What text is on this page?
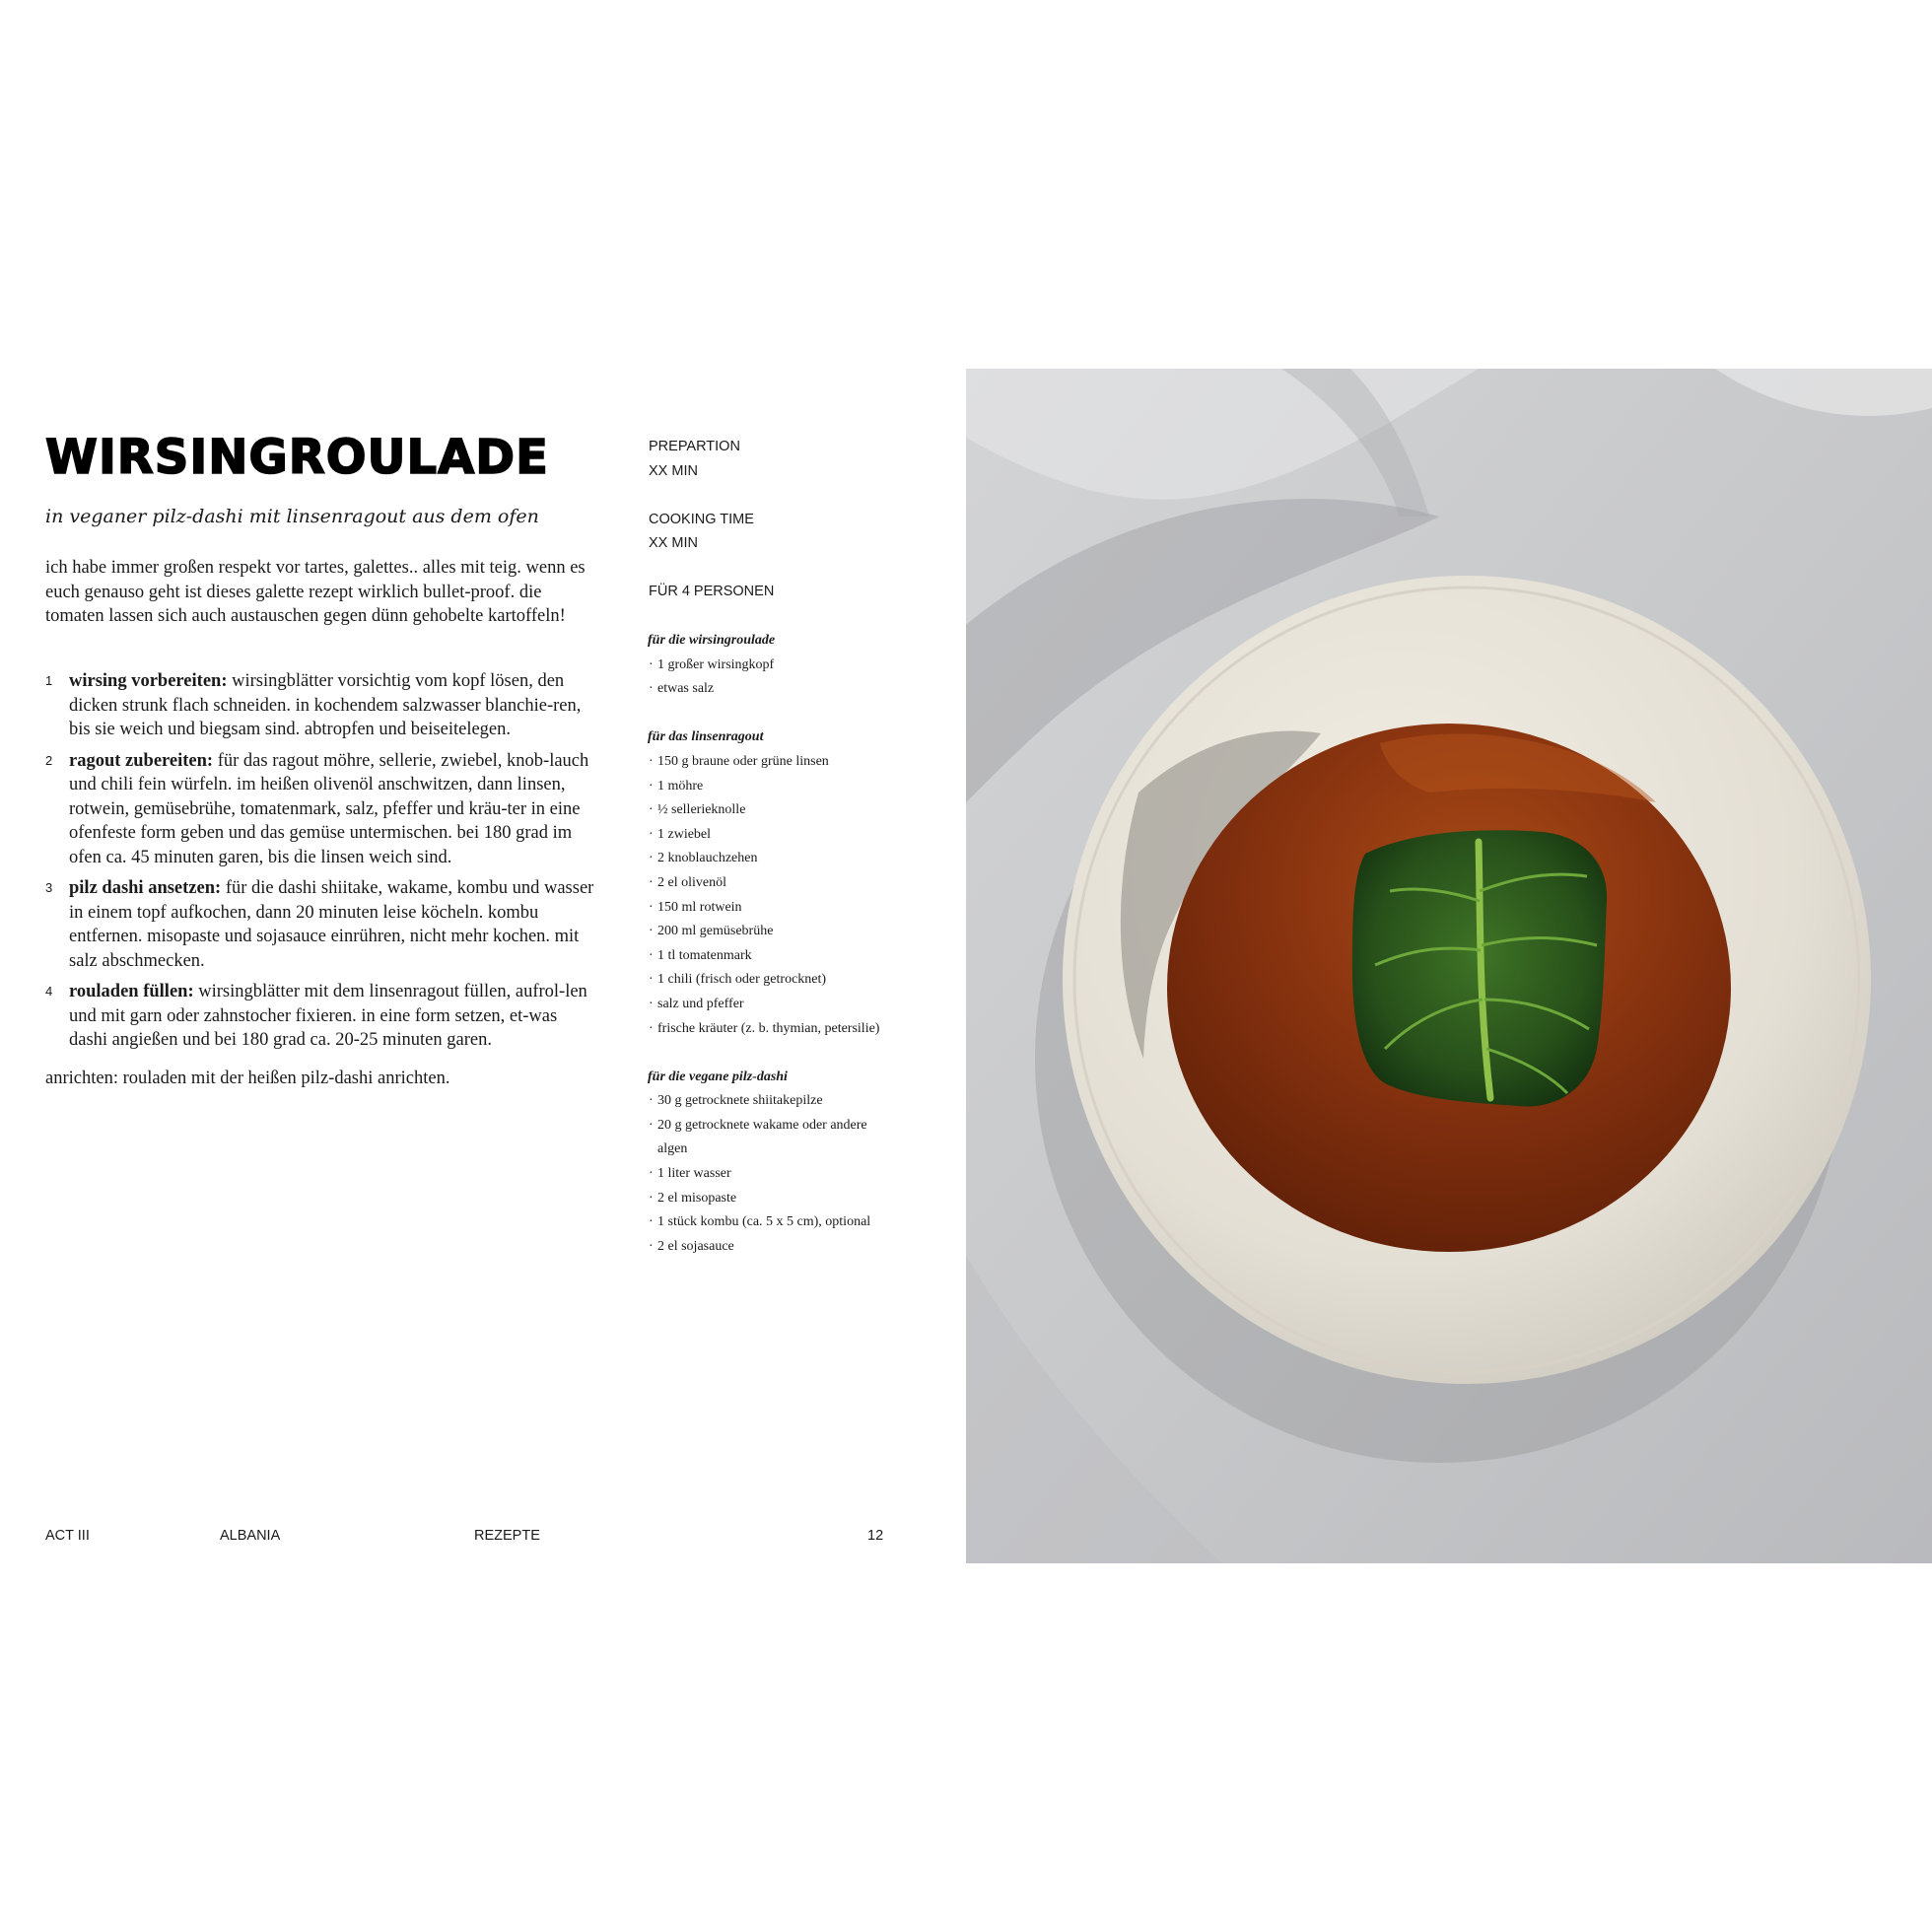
WIRSINGROULADE

in veganer pilz-dashi mit linsenragout aus dem ofen

ich habe immer großen respekt vor tartes, galettes.. alles mit teig. wenn es euch genauso geht ist dieses galette rezept wirklich bullet-proof. die tomaten lassen sich auch austauschen gegen dünn gehobelte kartoffeln!

1 wirsing vorbereiten: wirsingblätter vorsichtig vom kopf lösen, den dicken strunk flach schneiden. in kochendem salzwasser blanchie-ren, bis sie weich und biegsam sind. abtropfen und beiseitelegen.
2 ragout zubereiten: für das ragout möhre, sellerie, zwiebel, knob-lauch und chili fein würfeln. im heißen olivenöl anschwitzen, dann linsen, rotwein, gemüsebrühe, tomatenmark, salz, pfeffer und kräu-ter in eine ofenfeste form geben und das gemüse untermischen. bei 180 grad im ofen ca. 45 minuten garen, bis die linsen weich sind.
3 pilz dashi ansetzen: für die dashi shiitake, wakame, kombu und wasser in einem topf aufkochen, dann 20 minuten leise köcheln. kombu entfernen. misopaste und sojasauce einrühren, nicht mehr kochen. mit salz abschmecken.
4 rouladen füllen: wirsingblätter mit dem linsenragout füllen, aufrol-len und mit garn oder zahnstocher fixieren. in eine form setzen, et-was dashi angießen und bei 180 grad ca. 20-25 minuten garen.

anrichten: rouladen mit der heißen pilz-dashi anrichten.

PREPARTION
XX MIN
COOKING TIME
XX MIN
FÜR 4 PERSONEN
für die wirsingroulade
· 1 großer wirsingkopf
· etwas salz
für das linsenragout
· 150 g braune oder grüne linsen
· 1 möhre
· ½ sellerieknolle
· 1 zwiebel
· 2 knoblauchzehen
· 2 el olivenöl
· 150 ml rotwein
· 200 ml gemüsebrühe
· 1 tl tomatenmark
· 1 chili (frisch oder getrocknet)
· salz und pfeffer
· frische kräuter (z. b. thymian, petersilie)
für die vegane pilz-dashi
· 30 g getrocknete shiitakepilze
· 20 g getrocknete wakame oder andere algen
· 1 liter wasser
· 2 el misopaste
· 1 stück kombu (ca. 5 x 5 cm), optional
· 2 el sojasauce
ACT III	ALBANIA	REZEPTE	12
